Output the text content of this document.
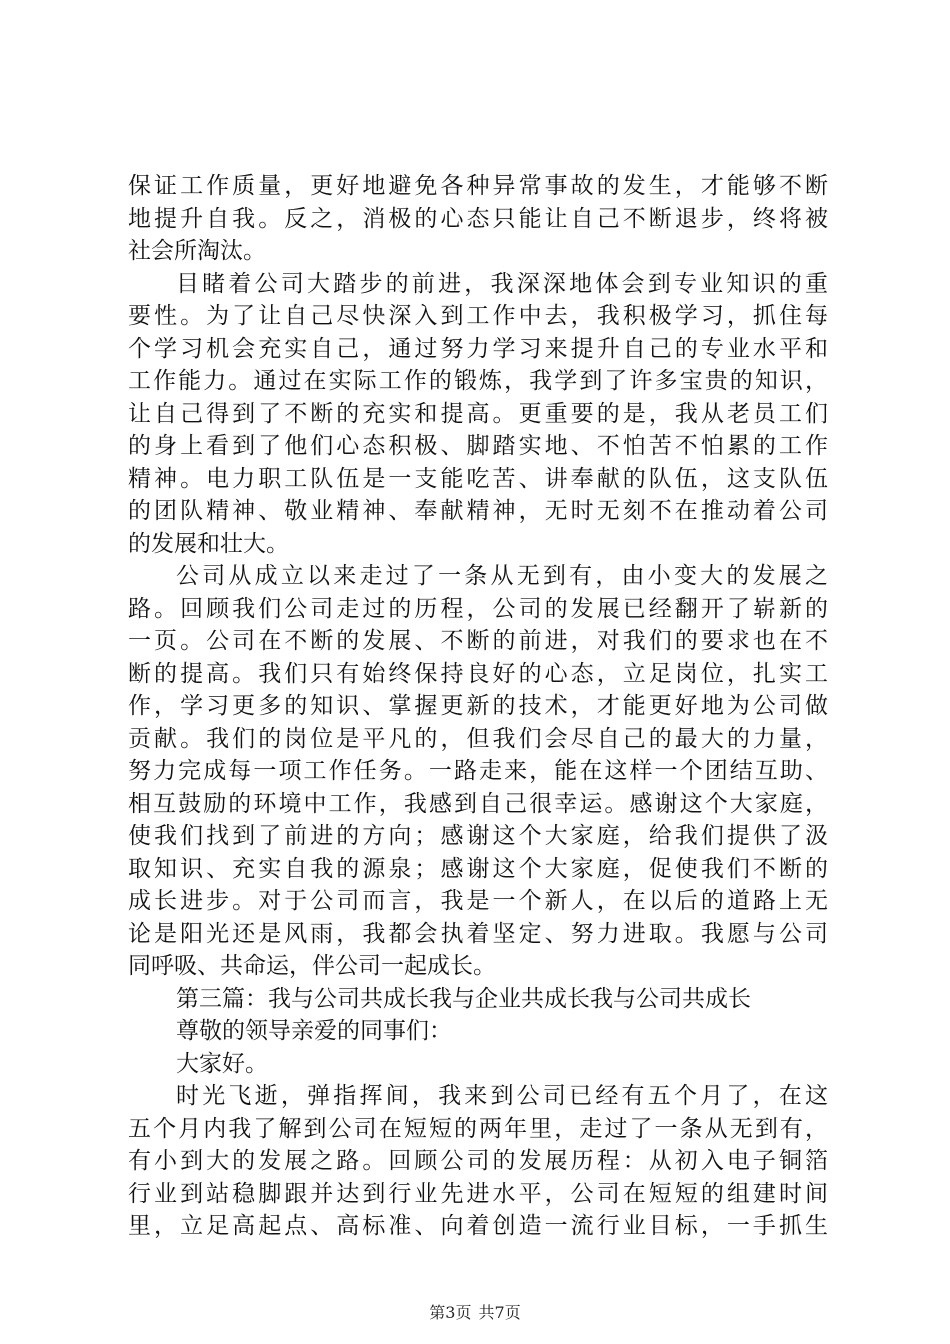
保证工作质量，更好地避免各种异常事故的发生，才能够不断
地提升自我。反之，消极的心态只能让自己不断退步，终将被
社会所淘汰。
目睹着公司大踏步的前进，我深深地体会到专业知识的重
要性。为了让自己尽快深入到工作中去，我积极学习，抓住每
个学习机会充实自己，通过努力学习来提升自己的专业水平和
工作能力。通过在实际工作的锻炼，我学到了许多宝贵的知识，
让自己得到了不断的充实和提高。更重要的是，我从老员工们
的身上看到了他们心态积极、脚踏实地、不怕苦不怕累的工作
精神。电力职工队伍是一支能吃苦、讲奉献的队伍，这支队伍
的团队精神、敬业精神、奉献精神，无时无刻不在推动着公司
的发展和壮大。
公司从成立以来走过了一条从无到有，由小变大的发展之
路。回顾我们公司走过的历程，公司的发展已经翻开了崭新的
一页。公司在不断的发展、不断的前进，对我们的要求也在不
断的提高。我们只有始终保持良好的心态，立足岗位，扎实工
作，学习更多的知识、掌握更新的技术，才能更好地为公司做
贡献。我们的岗位是平凡的，但我们会尽自己的最大的力量，
努力完成每一项工作任务。一路走来，能在这样一个团结互助、
相互鼓励的环境中工作，我感到自己很幸运。感谢这个大家庭，
使我们找到了前进的方向；感谢这个大家庭，给我们提供了汲
取知识、充实自我的源泉；感谢这个大家庭，促使我们不断的
成长进步。对于公司而言，我是一个新人，在以后的道路上无
论是阳光还是风雨，我都会执着坚定、努力进取。我愿与公司
同呼吸、共命运，伴公司一起成长。
第三篇：我与公司共成长我与企业共成长我与公司共成长
尊敬的领导亲爱的同事们：
大家好。
时光飞逝，弹指挥间，我来到公司已经有五个月了，在这
五个月内我了解到公司在短短的两年里，走过了一条从无到有，
有小到大的发展之路。回顾公司的发展历程：从初入电子铜箔
行业到站稳脚跟并达到行业先进水平，公司在短短的组建时间
里，立足高起点、高标准、向着创造一流行业目标，一手抓生
第3页 共7页
